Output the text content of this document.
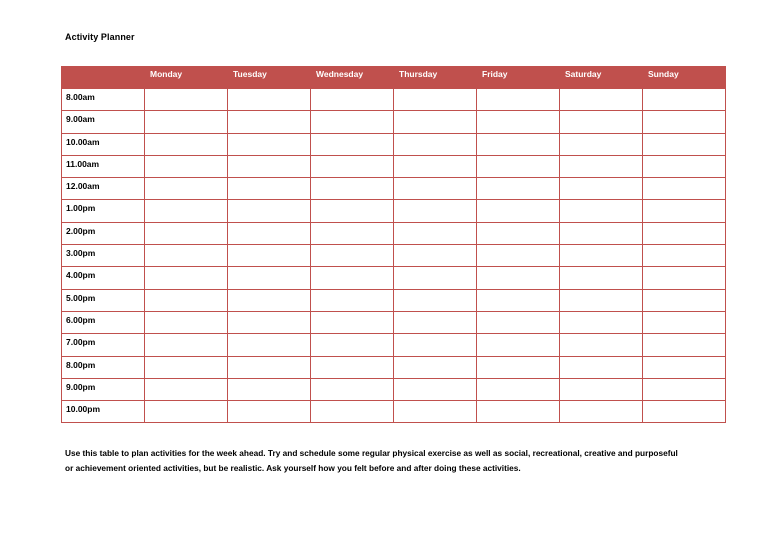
Activity Planner
	Monday	Tuesday	Wednesday	Thursday	Friday	Saturday	Sunday
8.00am							
9.00am							
10.00am							
11.00am							
12.00am							
1.00pm							
2.00pm							
3.00pm							
4.00pm							
5.00pm							
6.00pm							
7.00pm							
8.00pm							
9.00pm							
10.00pm							

Use this table to plan activities for the week ahead. Try and schedule some regular physical exercise as well as social, recreational, creative and purposeful

or achievement oriented activities, but be realistic. Ask yourself how you felt before and after doing these activities.
